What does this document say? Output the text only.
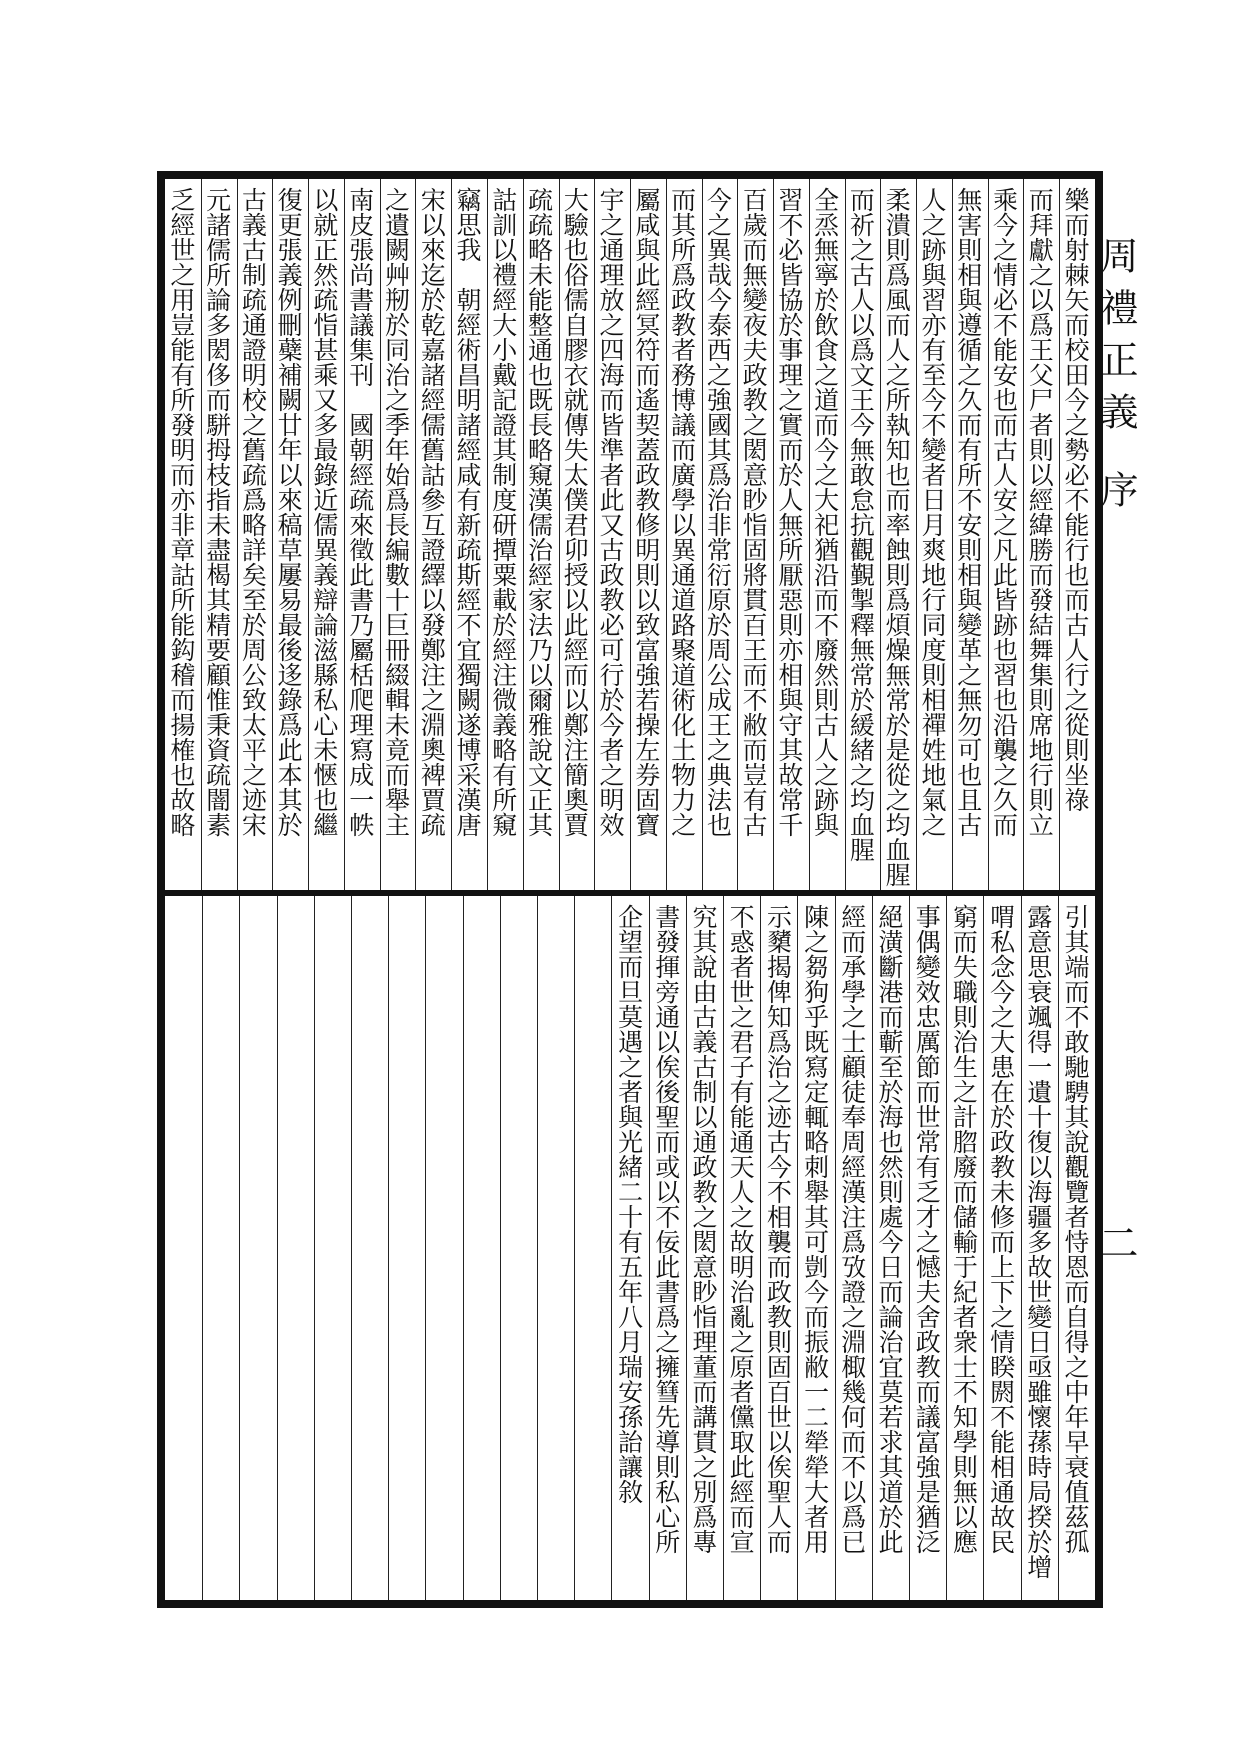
周禮正義
序
二
樂而射棘矢而校田今之勢必不能行也而古人行之從則坐祿
而拜獻之以爲王父尸者則以經緯勝而發結舞集則席地行則立
乘今之情必不能安也而古人安之凡此皆跡也習也沿襲之久而
無害則相與遵循之久而有所不安則相與變革之無勿可也且古
人之跡與習亦有至今不變者日月爽地行同度則相禪姓地氣之
柔潰則爲風而人之所執知也而率蝕則爲煩燥無常於是從之均血腥
而祈之古人以爲文王今無敢怠抗觀覲掣釋無常於緩緒之均血腥
全烝無寧於飲食之道而今之大祀猶沿而不廢然則古人之跡與
習不必皆協於事理之實而於人無所厭惡則亦相與守其故常千
百歲而無變夜夫政教之閎意眇恉固將貫百王而不敝而豈有古
今之異哉今泰西之強國其爲治非常衍原於周公成王之典法也
而其所爲政教者務博議而廣學以異通道路聚道術化土物力之
屬咸與此經冥符而遙契蓋政教修明則以致富強若操左券固寶
宇之通理放之四海而皆準者此又古政教必可行於今者之明效
大驗也俗儒自膠衣就傳失太僕君卯授以此經而以鄭注簡奧賈
疏疏略未能整通也既長略窺漢儒治經家法乃以爾雅說文正其
詁訓以禮經大小戴記證其制度研撢粟載於經注微義略有所窺
竊思我　朝經術昌明諸經咸有新疏斯經不宜獨闕遂博采漢唐
宋以來迄於乾嘉諸經儒舊詁參互證繹以發鄭注之淵奧裨賈疏
之遺闕艸剏於同治之季年始爲長編數十巨冊綴輯未竟而舉主
南皮張尚書議集刊　國朝經疏來徵此書乃屬栝爬理寫成一帙
以就正然疏恉甚乘又多最錄近儒異義辯論滋縣私心未愜也繼
復更張義例刪蘗補闕廿年以來稿草屢易最後迻錄爲此本其於
古義古制疏通證明校之舊疏爲略詳矣至於周公致太平之迹宋
元諸儒所論多閎侈而駢拇枝指未盡楬其精要顧惟秉資疏闇素
乏經世之用豈能有所發明而亦非章詁所能鈎稽而揚榷也故略
引其端而不敢馳騁其說觀覽者恃恩而自得之中年早衰值茲孤
露意思衰颯得一遺十復以海疆多故世變日亟雖懷蓀時局揆於增
喟私念今之大患在於政教未修而上下之情睽閼不能相通故民
窮而失職則治生之計脗廢而儲輸于紀者衆士不知學則無以應
事偶變效忠厲節而世常有乏才之憾夫舍政教而議富強是猶泛
絕潢斷港而蘄至於海也然則處今日而論治宜莫若求其道於此
經而承學之士顧徒奉周經漢注爲攷證之淵棷幾何而不以爲已
陳之芻狗乎既寫定輒略刺舉其可剴今而振敝一二犖犖大者用
示櫫揭俾知爲治之迹古今不相襲而政教則固百世以俟聖人而
不惑者世之君子有能通天人之故明治亂之原者儻取此經而宣
究其說由古義古制以通政教之閎意眇恉理董而講貫之別爲專
書發揮旁通以俟後聖而或以不佞此書爲之擁篲先導則私心所
企望而旦莫遇之者與光緒二十有五年八月瑞安孫詒讓敘
